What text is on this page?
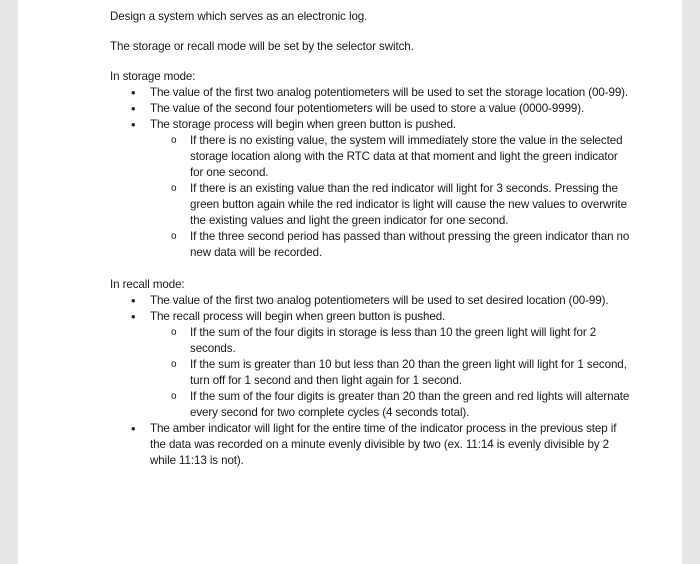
Design a system which serves as an electronic log.

The storage or recall mode will be set by the selector switch.

In storage mode:

• The value of the first two analog potentiometers will be used to set the storage location (00-99).
• The value of the second four potentiometers will be used to store a value (0000-9999).
• The storage process will begin when green button is pushed.
o If there is no existing value, the system will immediately store the value in the selected storage location along with the RTC data at that moment and light the green indicator for one second.
o If there is an existing value than the red indicator will light for 3 seconds. Pressing the green button again while the red indicator is light will cause the new values to overwrite the existing values and light the green indicator for one second.
o If the three second period has passed than without pressing the green indicator than no new data will be recorded.

In recall mode:

• The value of the first two analog potentiometers will be used to set desired location (00-99).
• The recall process will begin when green button is pushed.
o If the sum of the four digits in storage is less than 10 the green light will light for 2 seconds.
o If the sum is greater than 10 but less than 20 than the green light will light for 1 second, turn off for 1 second and then light again for 1 second.
o If the sum of the four digits is greater than 20 than the green and red lights will alternate every second for two complete cycles (4 seconds total).
• The amber indicator will light for the entire time of the indicator process in the previous step if the data was recorded on a minute evenly divisible by two (ex. 11:14 is evenly divisible by 2 while 11:13 is not).
